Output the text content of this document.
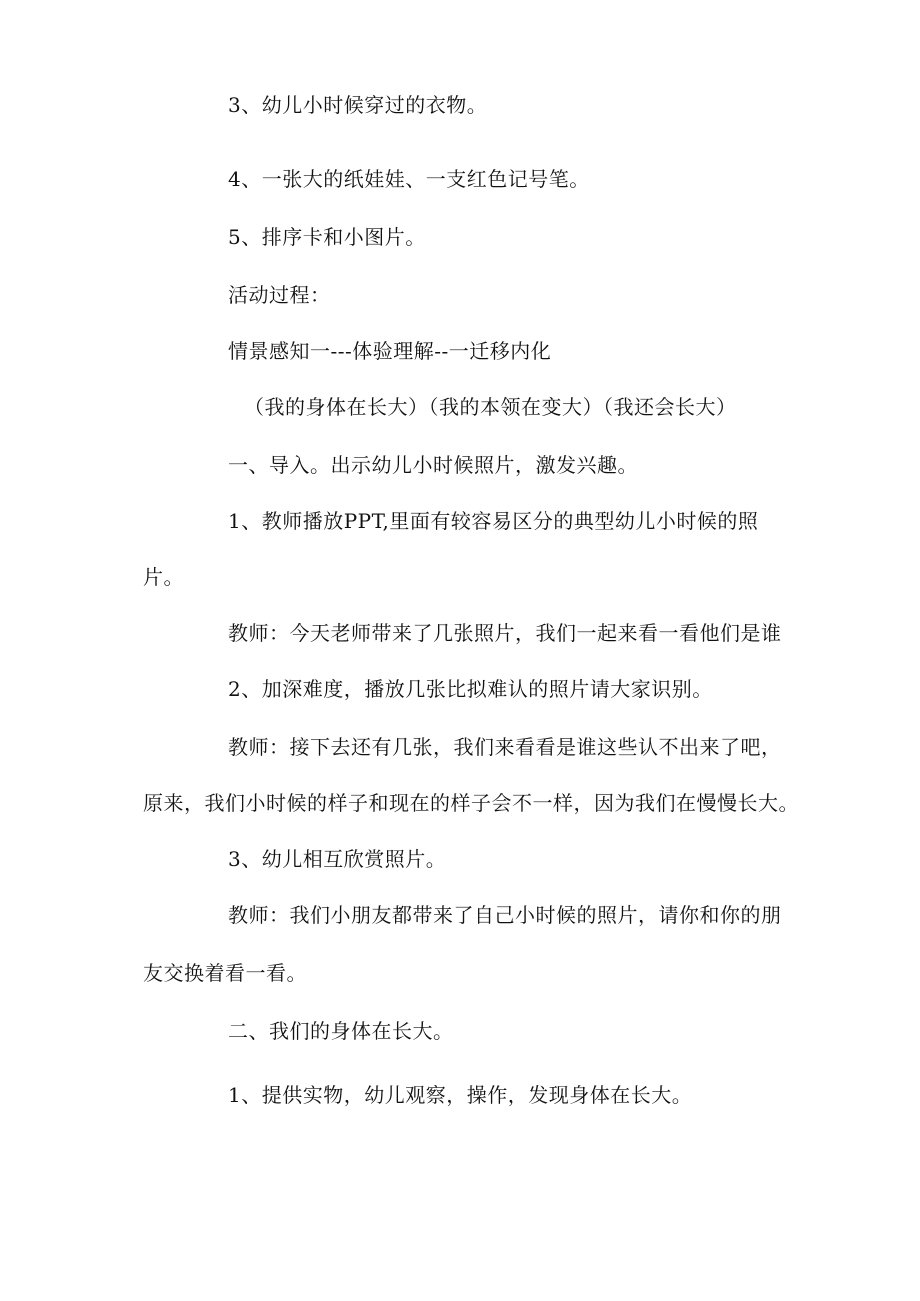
3、幼儿小时候穿过的衣物。

4、一张大的纸娃娃、一支红色记号笔。

5、排序卡和小图片。

活动过程：

情景感知一---体验理解--一迁移内化

（我的身体在长大）（我的本领在变大）（我还会长大）

一、导入。出示幼儿小时候照片，激发兴趣。

1、教师播放PPT,里面有较容易区分的典型幼儿小时候的照

片。

教师：今天老师带来了几张照片，我们一起来看一看他们是谁

2、加深难度，播放几张比拟难认的照片请大家识别。

教师：接下去还有几张，我们来看看是谁这些认不出来了吧，

原来，我们小时候的样子和现在的样子会不一样，因为我们在慢慢长大。

3、幼儿相互欣赏照片。

教师：我们小朋友都带来了自己小时候的照片，请你和你的朋

友交换着看一看。

二、我们的身体在长大。

1、提供实物，幼儿观察，操作，发现身体在长大。
